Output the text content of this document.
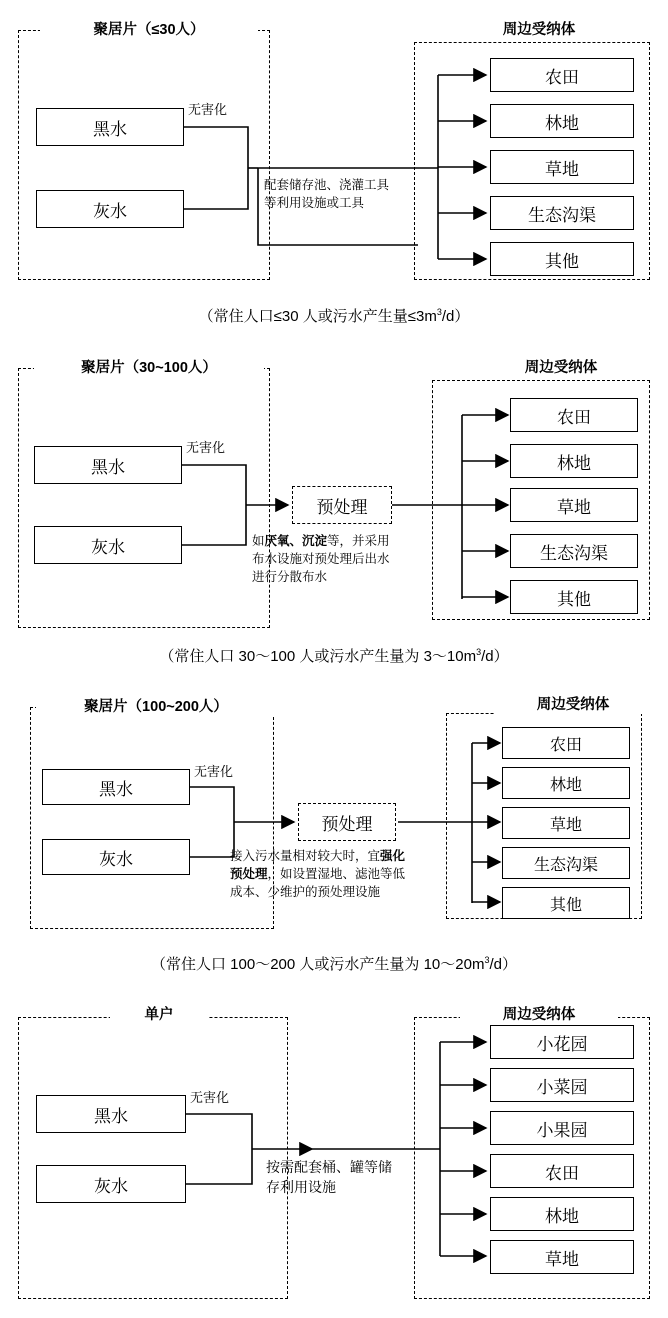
聚居片（≤30人）
黑水
灰水
无害化
配套储存池、浇灌工具等利用设施或工具
周边受纳体
农田
林地
草地
生态沟渠
其他
（常住人口≤30 人或污水产生量$\le 3m^3/d$）
聚居片（30~100人）
黑水
灰水
无害化
预处理
如厌氧、沉淀等，并采用布水设施对预处理后出水进行分散布水
周边受纳体
农田
林地
草地
生态沟渠
其他
（常住人口 30～100 人或污水产生量为 $3\sim 10m^3/d$）
聚居片（100~200人）
黑水
灰水
无害化
预处理
接入污水量相对较大时，宜强化预处理，如设置湿地、滤池等低成本、少维护的预处理设施
周边受纳体
农田
林地
草地
生态沟渠
其他
（常住人口 100～200 人或污水产生量为 $10\sim 20m^3/d$）
单户
黑水
灰水
无害化
按需配套桶、罐等储存利用设施
周边受纳体
小花园
小菜园
小果园
农田
林地
草地
